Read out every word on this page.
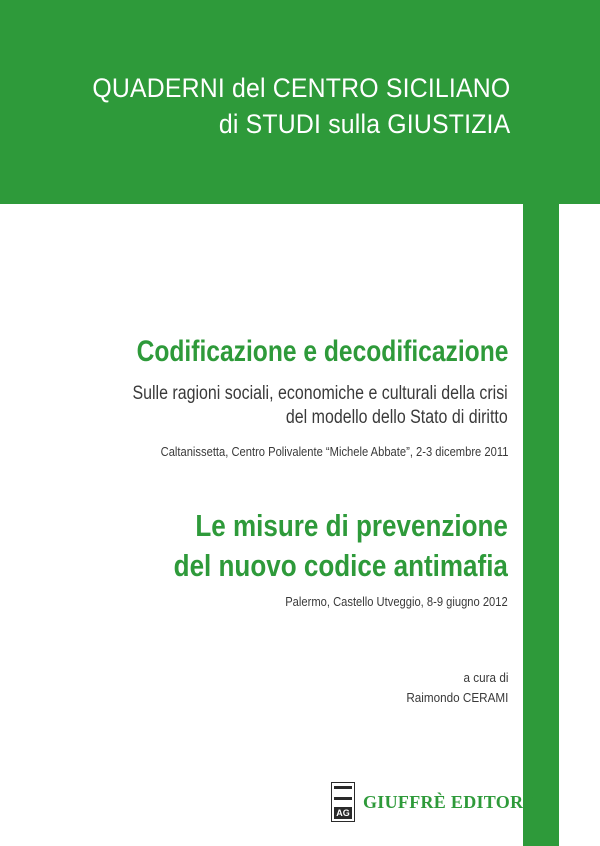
QUADERNI del CENTRO SICILIANO
di STUDI sulla GIUSTIZIA
Codificazione e decodificazione
Sulle ragioni sociali, economiche e culturali della crisi
del modello dello Stato di diritto
Caltanissetta, Centro Polivalente “Michele Abbate”, 2-3 dicembre 2011
Le misure di prevenzione
del nuovo codice antimafia
Palermo, Castello Utveggio, 8-9 giugno 2012
a cura di
Raimondo CERAMI
AG
GIUFFRÈ EDITORE
